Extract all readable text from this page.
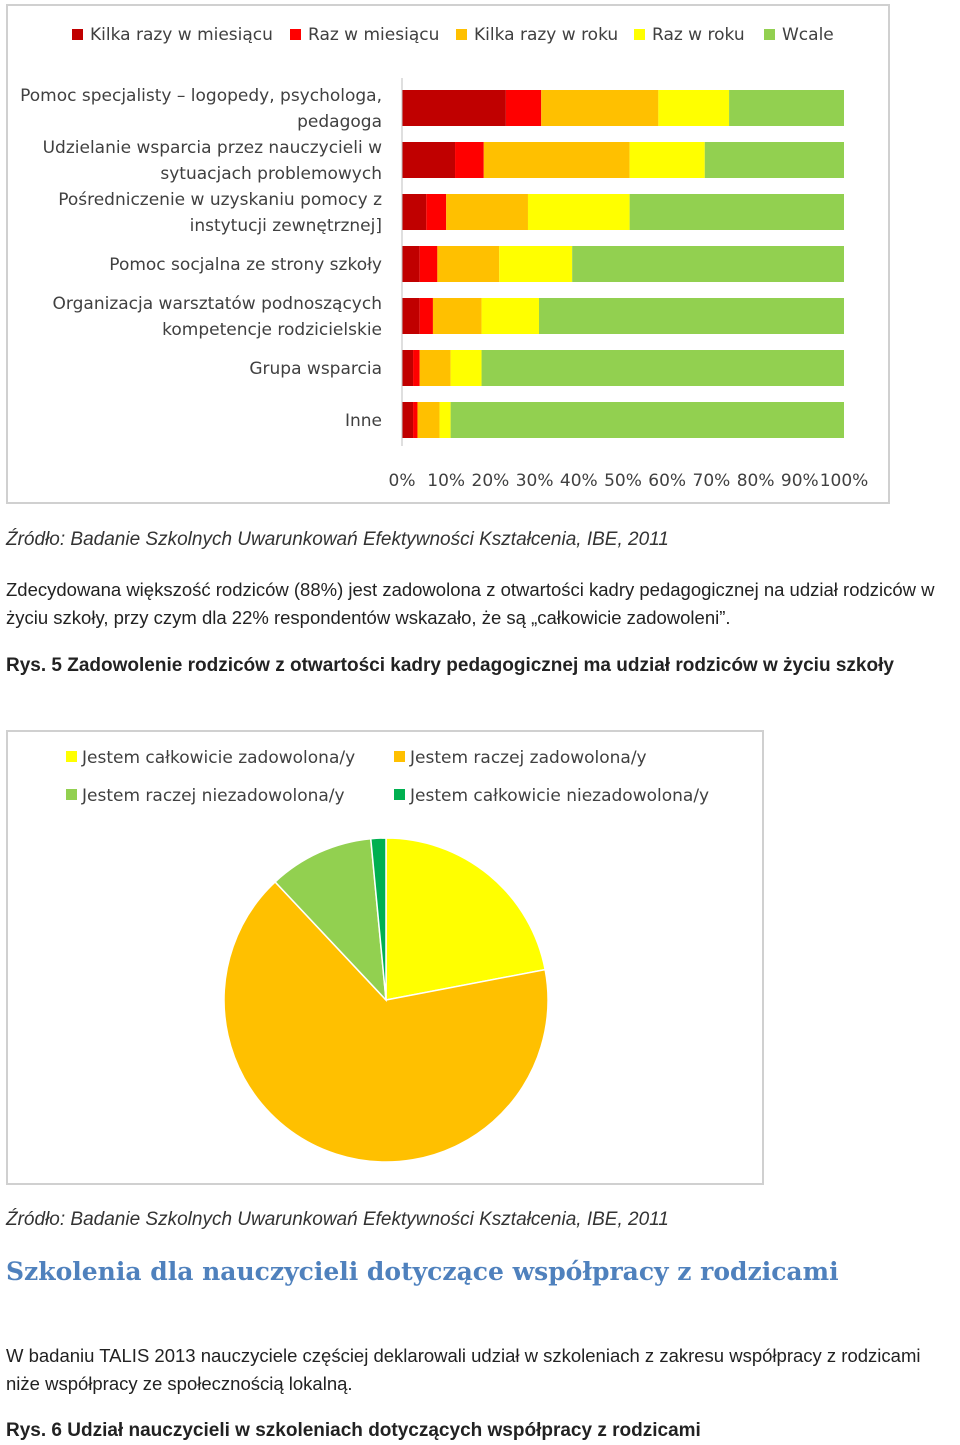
Kilka razy w miesiącu Raz w miesiącu Kilka razy w roku Raz w roku Wcale
Pomoc specjalisty – logopedy, psychologa,
pedagoga
Udzielanie wsparcia przez nauczycieli w
sytuacjach problemowych
Pośredniczenie w uzyskaniu pomocy z
instytucji zewnętrznej]
Pomoc socjalna ze strony szkoły
Organizacja warsztatów podnoszących
kompetencje rodzicielskie
Grupa wsparcia
Inne
0% 10% 20% 30% 40% 50% 60% 70% 80% 90% 100%
Źródło: Badanie Szkolnych Uwarunkowań Efektywności Kształcenia, IBE, 2011
Zdecydowana większość rodziców (88%) jest zadowolona z otwartości kadry pedagogicznej na udział rodziców w życiu szkoły, przy czym dla 22% respondentów wskazało, że są „całkowicie zadowoleni”.
Rys. 5 Zadowolenie rodziców z otwartości kadry pedagogicznej ma udział rodziców w życiu szkoły
Jestem całkowicie zadowolona/y	Jestem raczej zadowolona/y
Jestem raczej niezadowolona/y	Jestem całkowicie niezadowolona/y
Źródło: Badanie Szkolnych Uwarunkowań Efektywności Kształcenia, IBE, 2011
Szkolenia dla nauczycieli dotyczące współpracy z rodzicami
W badaniu TALIS 2013 nauczyciele częściej deklarowali udział w szkoleniach z zakresu współpracy z rodzicami niże współpracy ze społecznością lokalną.
Rys. 6 Udział nauczycieli w szkoleniach dotyczących współpracy z rodzicami
